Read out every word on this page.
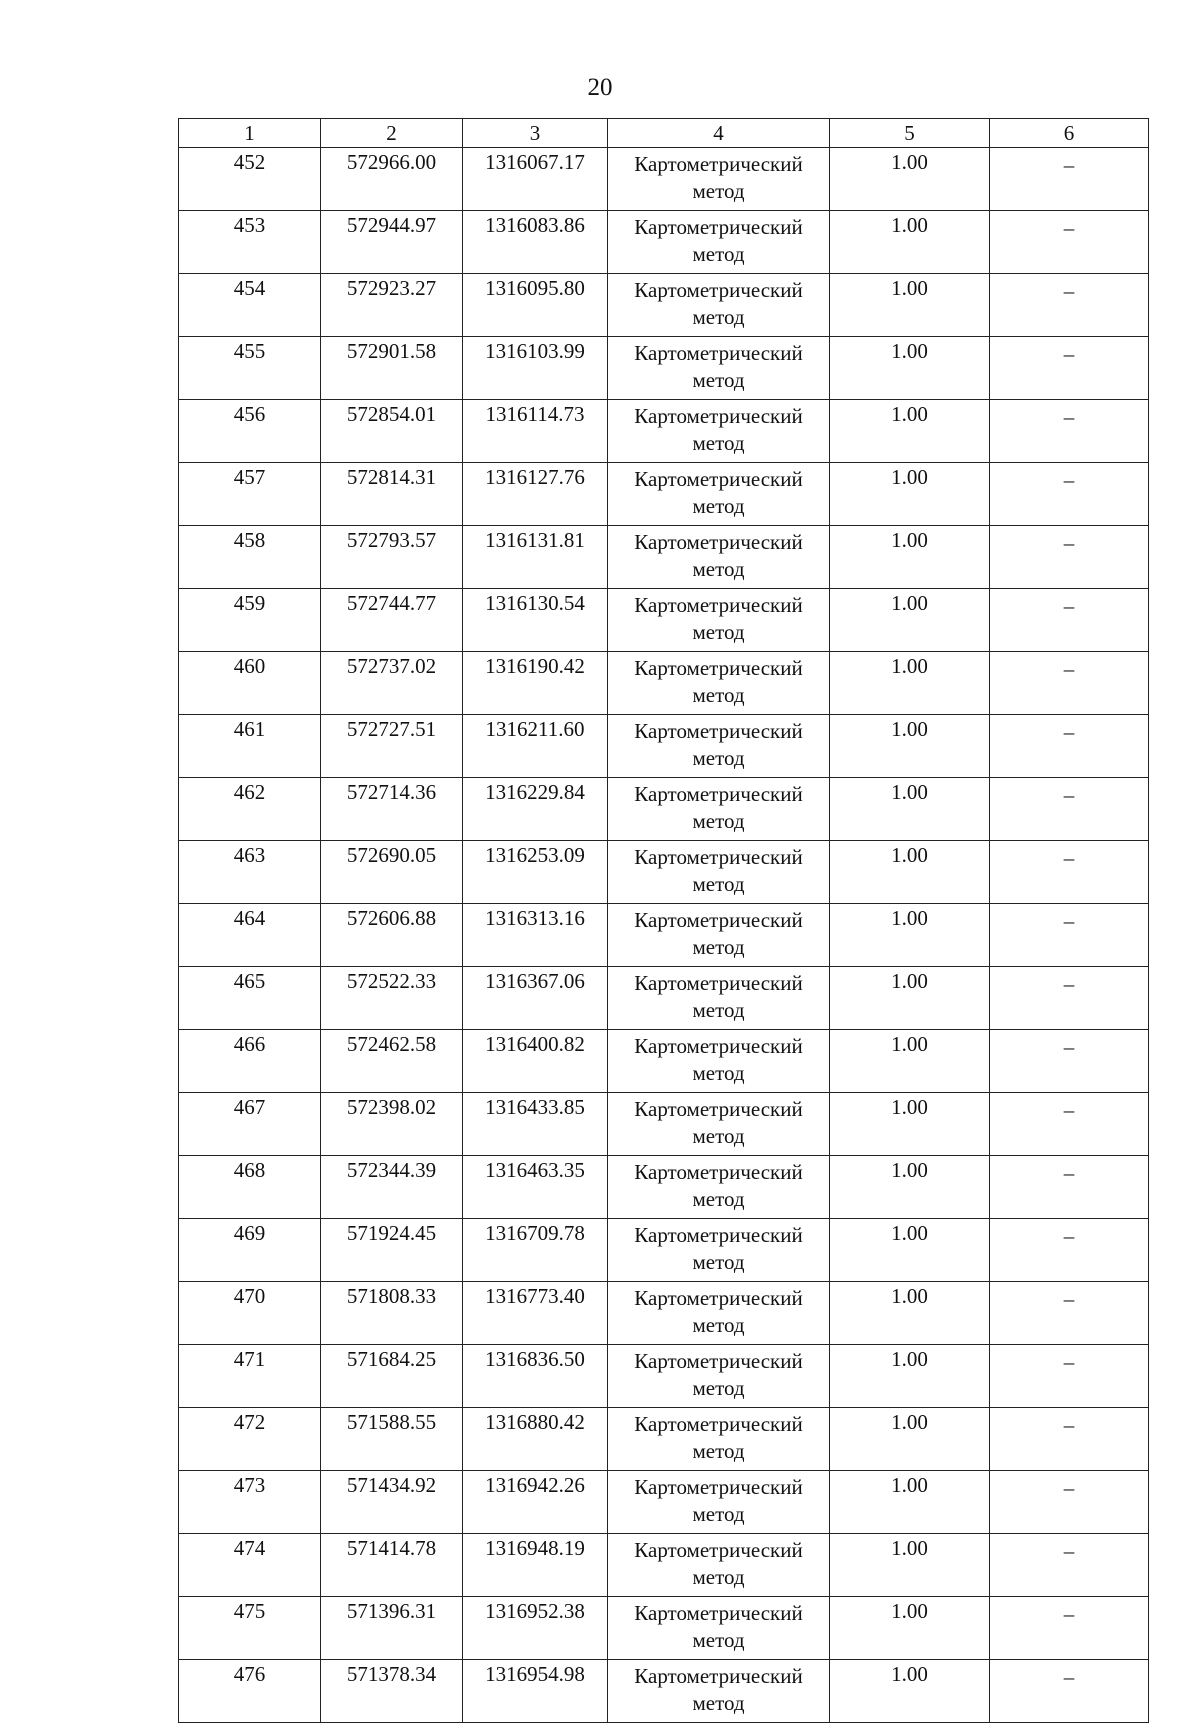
20
1	2	3	4	5	6
452	572966.00	1316067.17	Картометрический метод	1.00	–
453	572944.97	1316083.86	Картометрический метод	1.00	–
454	572923.27	1316095.80	Картометрический метод	1.00	–
455	572901.58	1316103.99	Картометрический метод	1.00	–
456	572854.01	1316114.73	Картометрический метод	1.00	–
457	572814.31	1316127.76	Картометрический метод	1.00	–
458	572793.57	1316131.81	Картометрический метод	1.00	–
459	572744.77	1316130.54	Картометрический метод	1.00	–
460	572737.02	1316190.42	Картометрический метод	1.00	–
461	572727.51	1316211.60	Картометрический метод	1.00	–
462	572714.36	1316229.84	Картометрический метод	1.00	–
463	572690.05	1316253.09	Картометрический метод	1.00	–
464	572606.88	1316313.16	Картометрический метод	1.00	–
465	572522.33	1316367.06	Картометрический метод	1.00	–
466	572462.58	1316400.82	Картометрический метод	1.00	–
467	572398.02	1316433.85	Картометрический метод	1.00	–
468	572344.39	1316463.35	Картометрический метод	1.00	–
469	571924.45	1316709.78	Картометрический метод	1.00	–
470	571808.33	1316773.40	Картометрический метод	1.00	–
471	571684.25	1316836.50	Картометрический метод	1.00	–
472	571588.55	1316880.42	Картометрический метод	1.00	–
473	571434.92	1316942.26	Картометрический метод	1.00	–
474	571414.78	1316948.19	Картометрический метод	1.00	–
475	571396.31	1316952.38	Картометрический метод	1.00	–
476	571378.34	1316954.98	Картометрический метод	1.00	–
